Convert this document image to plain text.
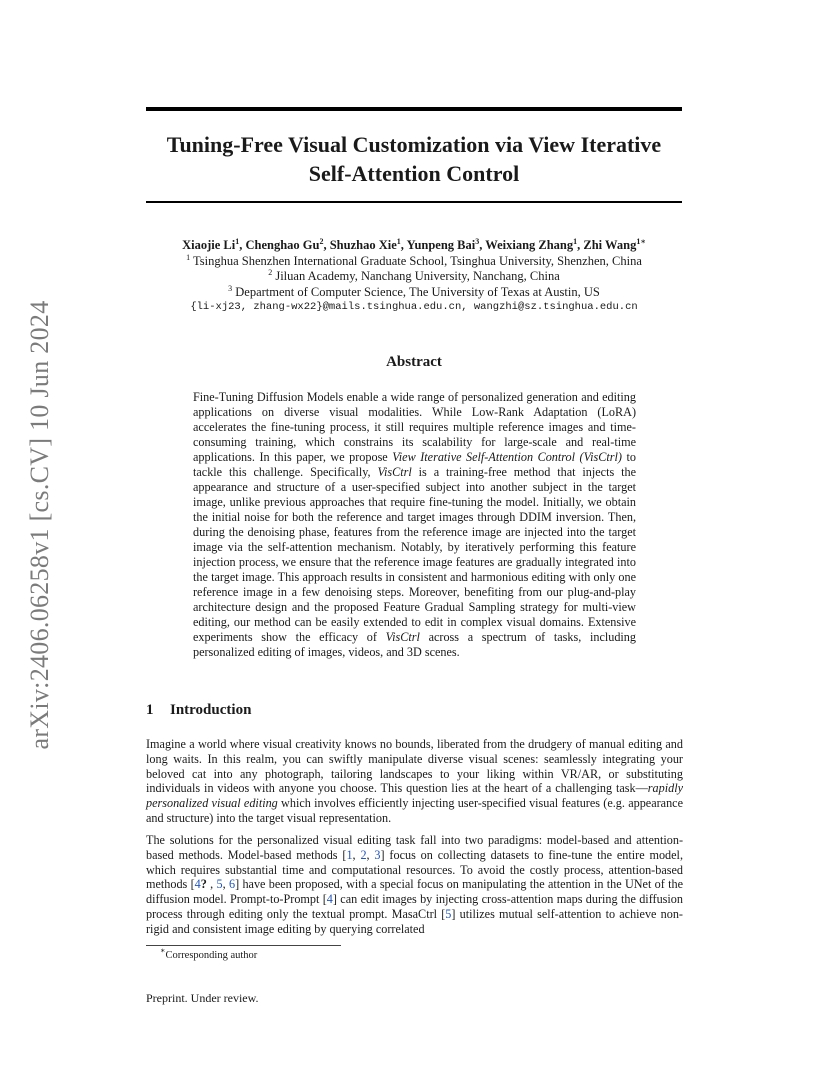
arXiv:2406.06258v1 [cs.CV] 10 Jun 2024
Tuning-Free Visual Customization via View Iterative Self-Attention Control
Xiaojie Li$^1$, Chenghao Gu$^2$, Shuzhao Xie$^1$, Yunpeng Bai$^3$, Weixiang Zhang$^1$, Zhi Wang$^{1∗}$
$^1$ Tsinghua Shenzhen International Graduate School, Tsinghua University, Shenzhen, China
$^2$ Jiluan Academy, Nanchang University, Nanchang, China
$^3$ Department of Computer Science, The University of Texas at Austin, US
{li-xj23, zhang-wx22}@mails.tsinghua.edu.cn, wangzhi@sz.tsinghua.edu.cn
Abstract

Fine-Tuning Diffusion Models enable a wide range of personalized generation and editing applications on diverse visual modalities. While Low-Rank Adaptation (LoRA) accelerates the fine-tuning process, it still requires multiple reference images and time-consuming training, which constrains its scalability for large-scale and real-time applications. In this paper, we propose View Iterative Self-Attention Control (VisCtrl) to tackle this challenge. Specifically, VisCtrl is a training-free method that injects the appearance and structure of a user-specified subject into another subject in the target image, unlike previous approaches that require fine-tuning the model. Initially, we obtain the initial noise for both the reference and target images through DDIM inversion. Then, during the denoising phase, features from the reference image are injected into the target image via the self-attention mechanism. Notably, by iteratively performing this feature injection process, we ensure that the reference image features are gradually integrated into the target image. This approach results in consistent and harmonious editing with only one reference image in a few denoising steps. Moreover, benefiting from our plug-and-play architecture design and the proposed Feature Gradual Sampling strategy for multi-view editing, our method can be easily extended to edit in complex visual domains. Extensive experiments show the efficacy of VisCtrl across a spectrum of tasks, including personalized editing of images, videos, and 3D scenes.

1 Introduction

Imagine a world where visual creativity knows no bounds, liberated from the drudgery of manual editing and long waits. In this realm, you can swiftly manipulate diverse visual scenes: seamlessly integrating your beloved cat into any photograph, tailoring landscapes to your liking within VR/AR, or substituting individuals in videos with anyone you choose. This question lies at the heart of a challenging task—rapidly personalized visual editing which involves efficiently injecting user-specified visual features (e.g. appearance and structure) into the target visual representation.

The solutions for the personalized visual editing task fall into two paradigms: model-based and attention-based methods. Model-based methods [1, 2, 3] focus on collecting datasets to fine-tune the entire model, which requires substantial time and computational resources. To avoid the costly process, attention-based methods [4? , 5, 6] have been proposed, with a special focus on manipulating the attention in the UNet of the diffusion model. Prompt-to-Prompt [4] can edit images by injecting cross-attention maps during the diffusion process through editing only the textual prompt. MasaCtrl [5] utilizes mutual self-attention to achieve non-rigid and consistent image editing by querying correlated

∗Corresponding author
Preprint. Under review.
